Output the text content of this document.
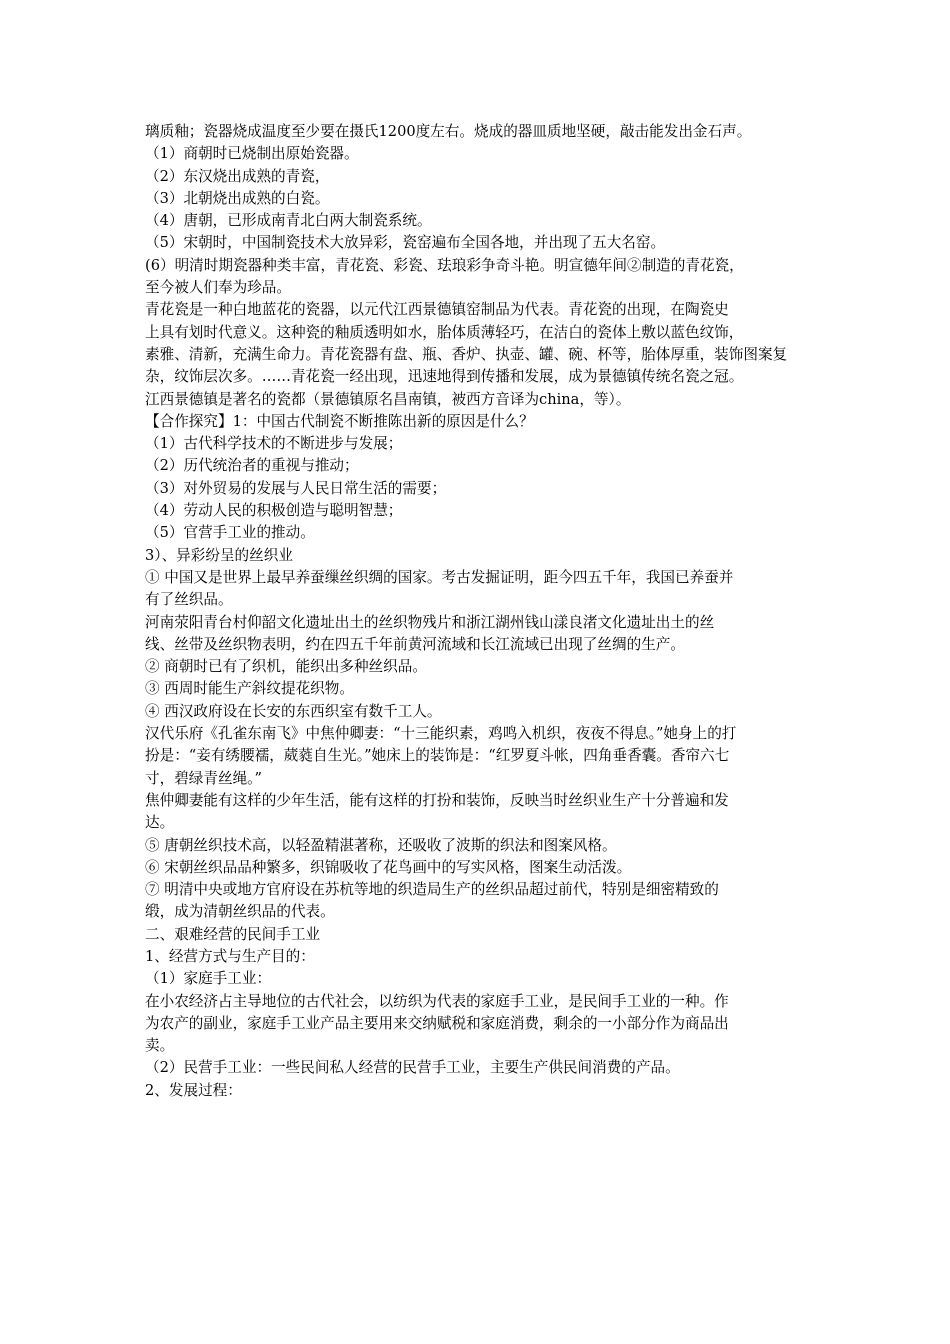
璃质釉；瓷器烧成温度至少要在摄氏1200度左右。烧成的器皿质地坚硬，敲击能发出金石声。
（1）商朝时已烧制出原始瓷器。
（2）东汉烧出成熟的青瓷，
（3）北朝烧出成熟的白瓷。
（4）唐朝，已形成南青北白两大制瓷系统。
（5）宋朝时，中国制瓷技术大放异彩，瓷窑遍布全国各地，并出现了五大名窑。
(6）明清时期瓷器种类丰富，青花瓷、彩瓷、珐琅彩争奇斗艳。明宣德年间②制造的青花瓷，
至今被人们奉为珍品。
青花瓷是一种白地蓝花的瓷器，以元代江西景德镇窑制品为代表。青花瓷的出现，在陶瓷史
上具有划时代意义。这种瓷的釉质透明如水，胎体质薄轻巧，在洁白的瓷体上敷以蓝色纹饰，
素雅、清新，充满生命力。青花瓷器有盘、瓶、香炉、执壶、罐、碗、杯等，胎体厚重，装饰图案复
杂，纹饰层次多。……青花瓷一经出现，迅速地得到传播和发展，成为景德镇传统名瓷之冠。
江西景德镇是著名的瓷都（景德镇原名昌南镇，被西方音译为china，等）。
【合作探究】1：中国古代制瓷不断推陈出新的原因是什么？
（1）古代科学技术的不断进步与发展；
（2）历代统治者的重视与推动；
（3）对外贸易的发展与人民日常生活的需要；
（4）劳动人民的积极创造与聪明智慧；
（5）官营手工业的推动。
3）、异彩纷呈的丝织业
① 中国又是世界上最早养蚕缫丝织绸的国家。考古发掘证明，距今四五千年，我国已养蚕并
有了丝织品。
河南荥阳青台村仰韶文化遗址出土的丝织物残片和浙江湖州钱山漾良渚文化遗址出土的丝
线、丝带及丝织物表明，约在四五千年前黄河流域和长江流域已出现了丝绸的生产。
② 商朝时已有了织机，能织出多种丝织品。
③ 西周时能生产斜纹提花织物。
④ 西汉政府设在长安的东西织室有数千工人。
汉代乐府《孔雀东南飞》中焦仲卿妻：“十三能织素，鸡鸣入机织，夜夜不得息。”她身上的打
扮是：“妾有绣腰襦，葳蕤自生光。”她床上的装饰是：“红罗夏斗帐，四角垂香囊。香帘六七
寸，碧绿青丝绳。”
焦仲卿妻能有这样的少年生活，能有这样的打扮和装饰，反映当时丝织业生产十分普遍和发
达。
⑤ 唐朝丝织技术高，以轻盈精湛著称，还吸收了波斯的织法和图案风格。
⑥ 宋朝丝织品品种繁多，织锦吸收了花鸟画中的写实风格，图案生动活泼。
⑦ 明清中央或地方官府设在苏杭等地的织造局生产的丝织品超过前代，特别是细密精致的
缎，成为清朝丝织品的代表。
二、艰难经营的民间手工业
1、经营方式与生产目的：
（1）家庭手工业：
在小农经济占主导地位的古代社会，以纺织为代表的家庭手工业，是民间手工业的一种。作
为农产的副业，家庭手工业产品主要用来交纳赋税和家庭消费，剩余的一小部分作为商品出
卖。
（2）民营手工业：一些民间私人经营的民营手工业，主要生产供民间消费的产品。
2、发展过程：
